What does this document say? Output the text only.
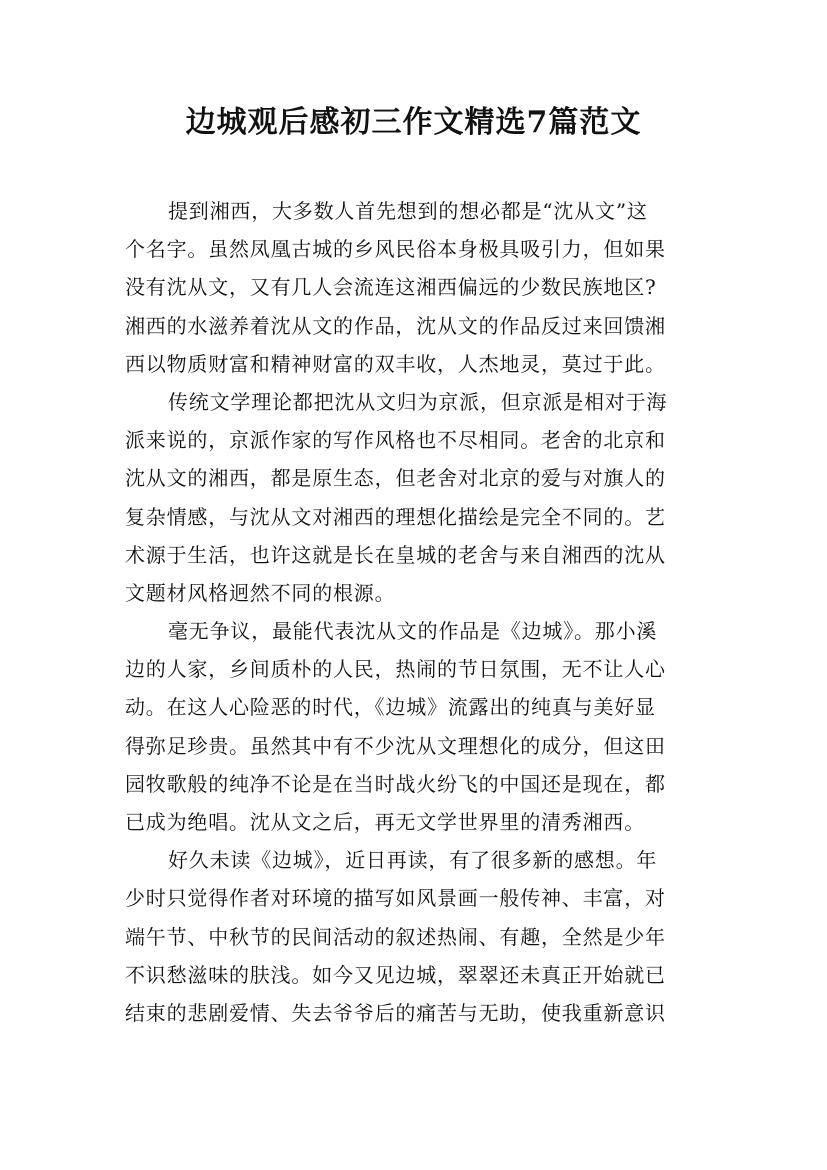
边城观后感初三作文精选7篇范文
提到湘西，大多数人首先想到的想必都是“沈从文”这
个名字。虽然凤凰古城的乡风民俗本身极具吸引力，但如果
没有沈从文，又有几人会流连这湘西偏远的少数民族地区?
湘西的水滋养着沈从文的作品，沈从文的作品反过来回馈湘
西以物质财富和精神财富的双丰收，人杰地灵，莫过于此。
传统文学理论都把沈从文归为京派，但京派是相对于海
派来说的，京派作家的写作风格也不尽相同。老舍的北京和
沈从文的湘西，都是原生态，但老舍对北京的爱与对旗人的
复杂情感，与沈从文对湘西的理想化描绘是完全不同的。艺
术源于生活，也许这就是长在皇城的老舍与来自湘西的沈从
文题材风格迥然不同的根源。
毫无争议，最能代表沈从文的作品是《边城》。那小溪
边的人家，乡间质朴的人民，热闹的节日氛围，无不让人心
动。在这人心险恶的时代，《边城》流露出的纯真与美好显
得弥足珍贵。虽然其中有不少沈从文理想化的成分，但这田
园牧歌般的纯净不论是在当时战火纷飞的中国还是现在，都
已成为绝唱。沈从文之后，再无文学世界里的清秀湘西。
好久未读《边城》，近日再读，有了很多新的感想。年
少时只觉得作者对环境的描写如风景画一般传神、丰富，对
端午节、中秋节的民间活动的叙述热闹、有趣，全然是少年
不识愁滋味的肤浅。如今又见边城，翠翠还未真正开始就已
结束的悲剧爱情、失去爷爷后的痛苦与无助，使我重新意识
